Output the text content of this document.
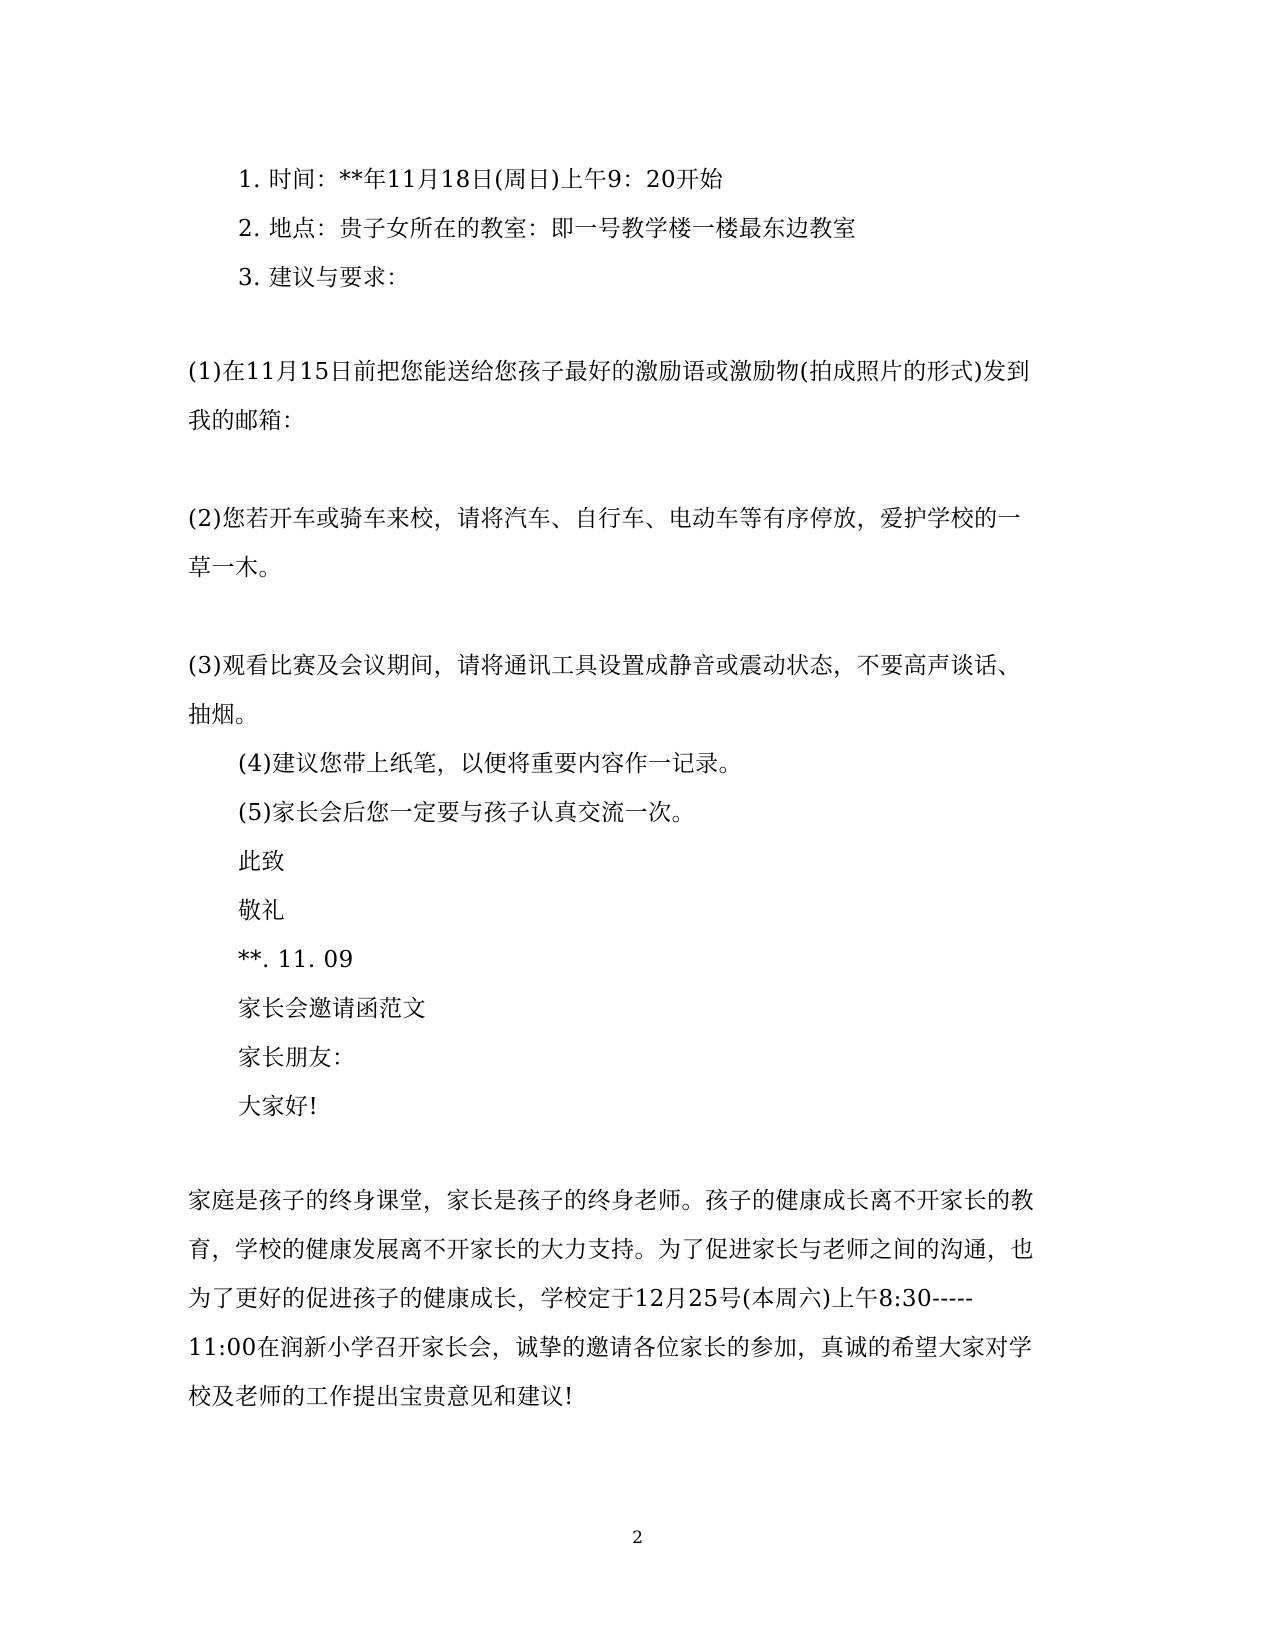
1. 时间：**年11月18日(周日)上午9：20开始
2. 地点：贵子女所在的教室：即一号教学楼一楼最东边教室
3. 建议与要求：
(1)在11月15日前把您能送给您孩子最好的激励语或激励物(拍成照片的形式)发到
我的邮箱：
(2)您若开车或骑车来校，请将汽车、自行车、电动车等有序停放，爱护学校的一
草一木。
(3)观看比赛及会议期间，请将通讯工具设置成静音或震动状态，不要高声谈话、
抽烟。
(4)建议您带上纸笔，以便将重要内容作一记录。
(5)家长会后您一定要与孩子认真交流一次。
此致
敬礼
**. 11. 09
家长会邀请函范文
家长朋友：
大家好!
家庭是孩子的终身课堂，家长是孩子的终身老师。孩子的健康成长离不开家长的教
育，学校的健康发展离不开家长的大力支持。为了促进家长与老师之间的沟通，也
为了更好的促进孩子的健康成长，学校定于12月25号(本周六)上午8:30-----
11:00在润新小学召开家长会，诚挚的邀请各位家长的参加，真诚的希望大家对学
校及老师的工作提出宝贵意见和建议!
2
